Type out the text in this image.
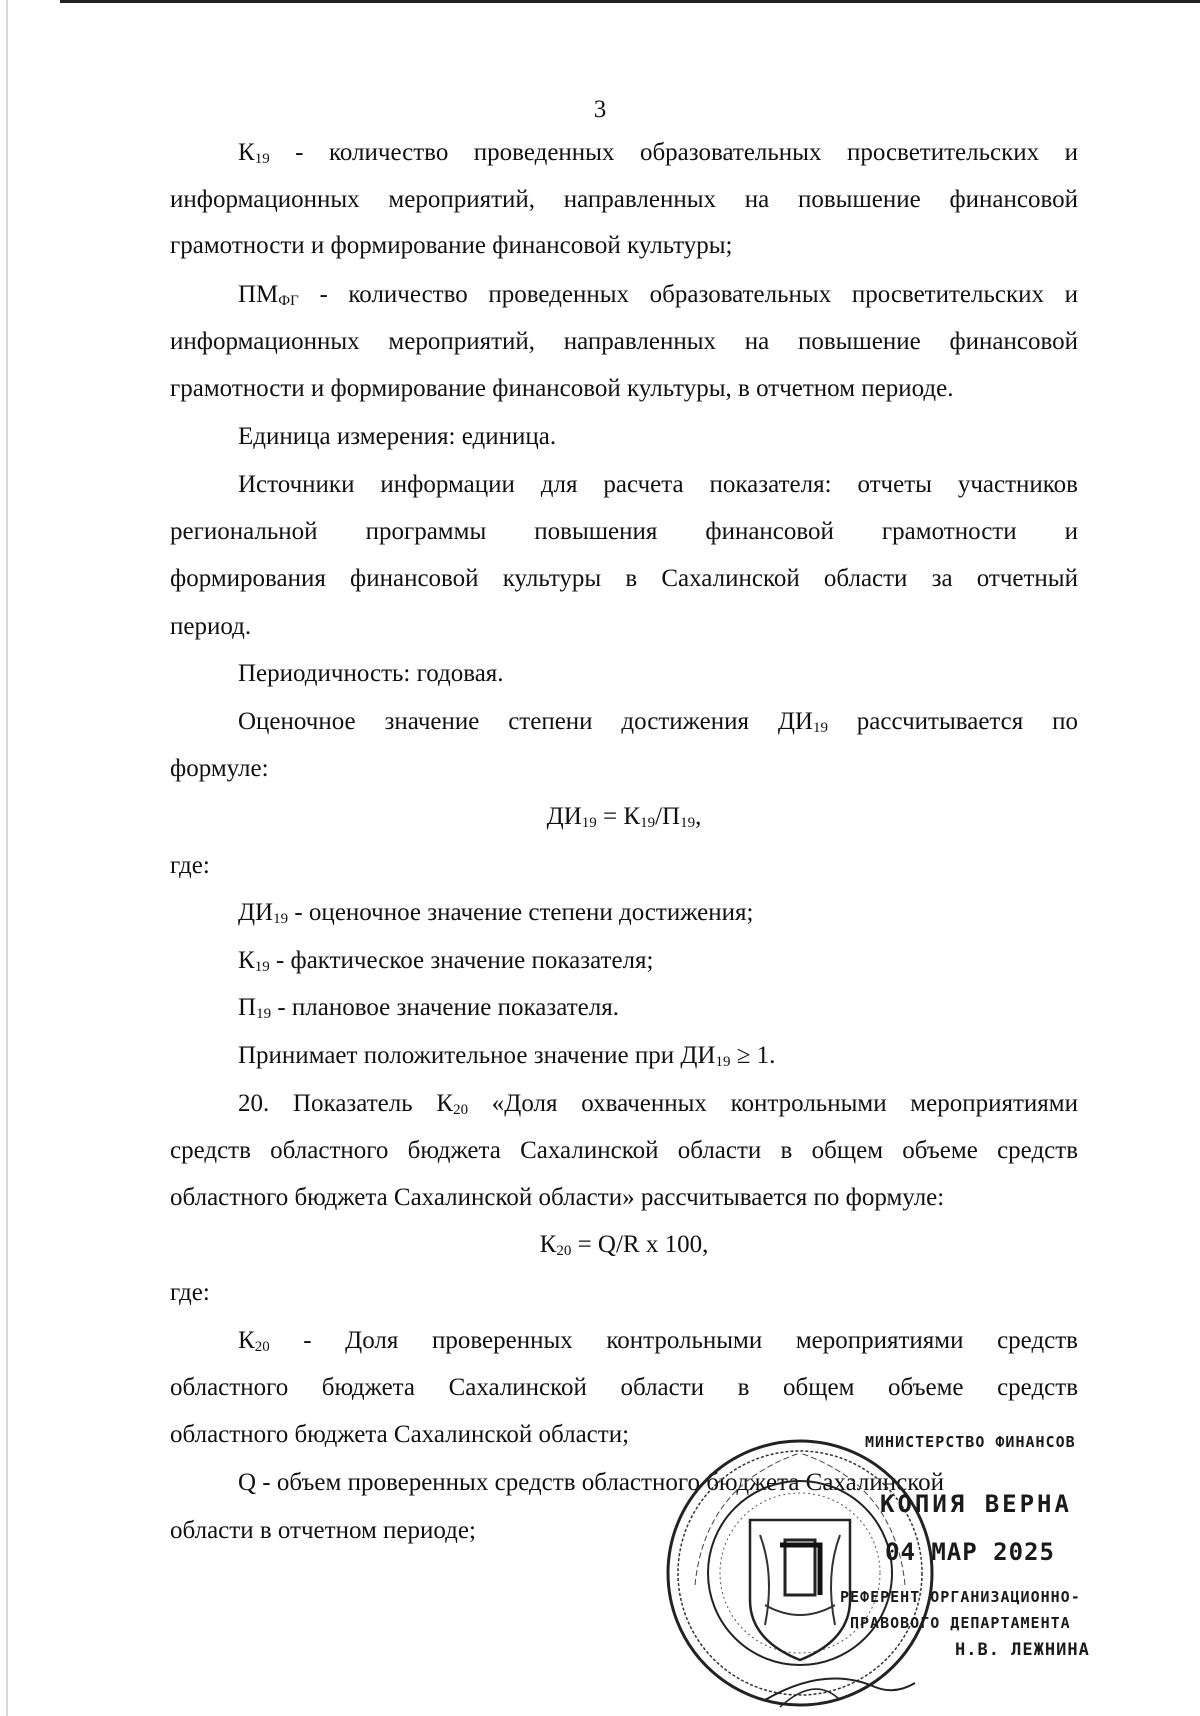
3
$К_{19}$ - количество проведенных образовательных просветительских и
информационных мероприятий, направленных на повышение финансовой
грамотности и формирование финансовой культуры;
$ПМ_{ФГ}$ - количество проведенных образовательных просветительских и
информационных мероприятий, направленных на повышение финансовой
грамотности и формирование финансовой культуры, в отчетном периоде.
Единица измерения: единица.
Источники информации для расчета показателя: отчеты участников
региональной программы повышения финансовой грамотности и
формирования финансовой культуры в Сахалинской области за отчетный
период.
Периодичность: годовая.
Оценочное значение степени достижения $ДИ_{19}$ рассчитывается по
формуле:
$ДИ_{19} = К_{19}/П_{19}$,
где:
$ДИ_{19}$ - оценочное значение степени достижения;
$К_{19}$ - фактическое значение показателя;
$П_{19}$ - плановое значение показателя.
Принимает положительное значение при $ДИ_{19} \ge 1$.
20. Показатель $К_{20}$ «Доля охваченных контрольными мероприятиями
средств областного бюджета Сахалинской области в общем объеме средств
областного бюджета Сахалинской области» рассчитывается по формуле:
$К_{20} = Q/R$ x 100,
где:
$К_{20}$ - Доля проверенных контрольными мероприятиями средств
областного бюджета Сахалинской области в общем объеме средств
областного бюджета Сахалинской области;
Q - объем проверенных средств областного бюджета Сахалинской
области в отчетном периоде;
МИНИСТЕРСТВО ФИНАНСОВ
КОПИЯ ВЕРНА
04 МАР 2025
РЕФЕРЕНТ ОРГАНИЗАЦИОННО-
ПРАВОВОГО ДЕПАРТАМЕНТА
Н.В. ЛЕЖНИНА
